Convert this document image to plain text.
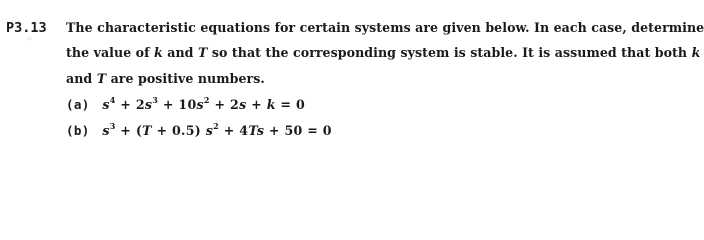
P3.13
≡
The characteristic equations for certain systems are given below. In each case, determine
the value of k and T so that the corresponding system is stable. It is assumed that both k
and T are positive numbers.
(a) $s^4 + 2s^3 + 10s^2 + 2s + k = 0$
(b) $s^3 + (T + 0.5) s^2 + 4Ts + 50 = 0$
